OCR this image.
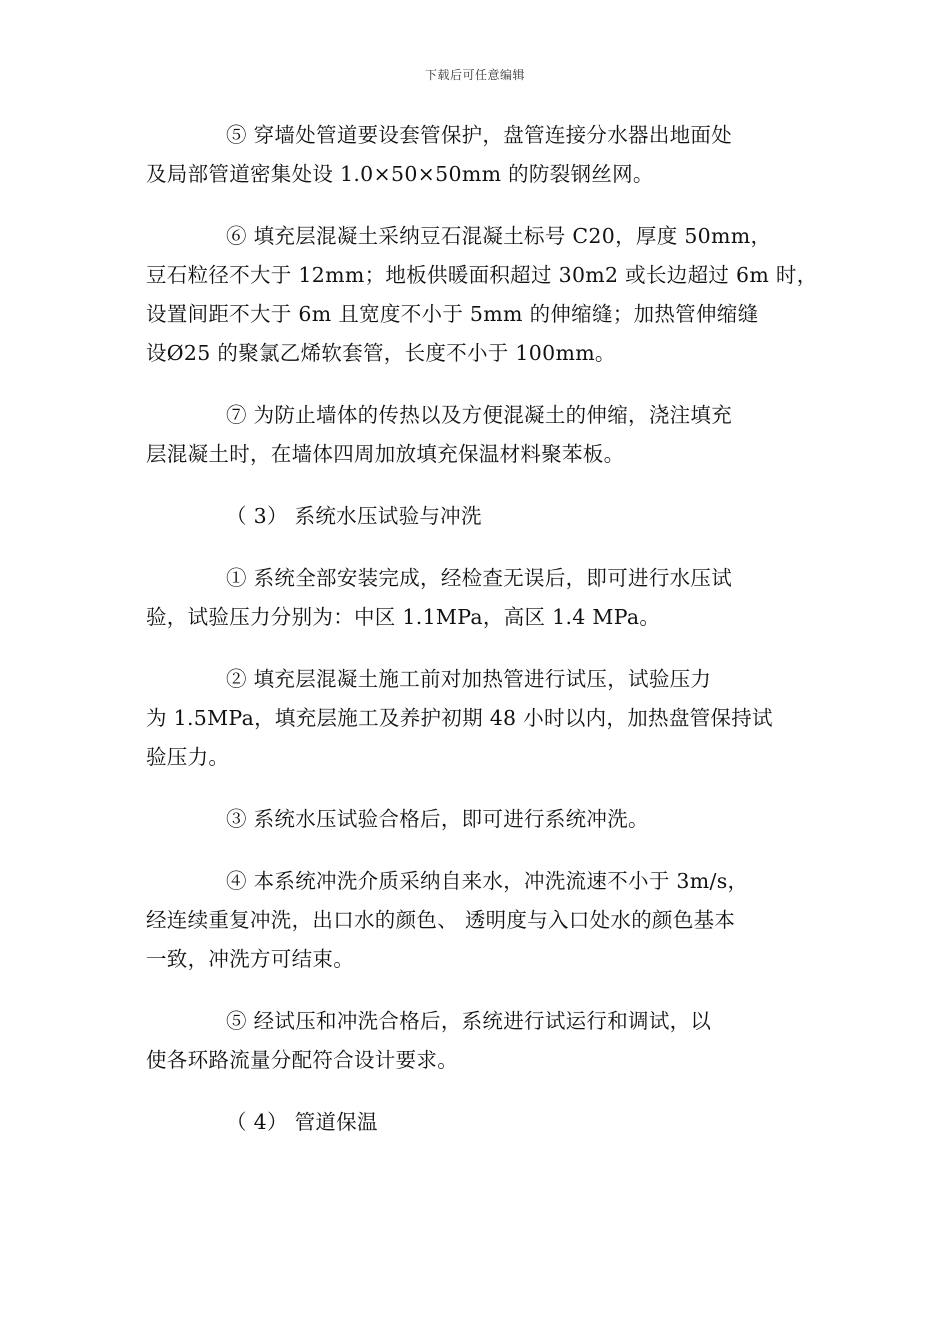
下载后可任意编辑
⑤ 穿墙处管道要设套管保护，盘管连接分水器出地面处
及局部管道密集处设 1.0×50×50mm 的防裂钢丝网。
⑥ 填充层混凝土采纳豆石混凝土标号 C20，厚度 50mm，
豆石粒径不大于 12mm；地板供暖面积超过 30m2 或长边超过 6m 时，
设置间距不大于 6m 且宽度不小于 5mm 的伸缩缝；加热管伸缩缝
设Ø25 的聚氯乙烯软套管，长度不小于 100mm。
⑦ 为防止墙体的传热以及方便混凝土的伸缩，浇注填充
层混凝土时，在墙体四周加放填充保温材料聚苯板。
（ 3） 系统水压试验与冲洗
① 系统全部安装完成，经检查无误后，即可进行水压试
验，试验压力分别为：中区 1.1MPa，高区 1.4 MPa。
② 填充层混凝土施工前对加热管进行试压，试验压力
为 1.5MPa，填充层施工及养护初期 48 小时以内，加热盘管保持试
验压力。
③ 系统水压试验合格后，即可进行系统冲洗。
④ 本系统冲洗介质采纳自来水，冲洗流速不小于 3m/s，
经连续重复冲洗，出口水的颜色、 透明度与入口处水的颜色基本
一致，冲洗方可结束。
⑤ 经试压和冲洗合格后，系统进行试运行和调试，以
使各环路流量分配符合设计要求。
（ 4） 管道保温
